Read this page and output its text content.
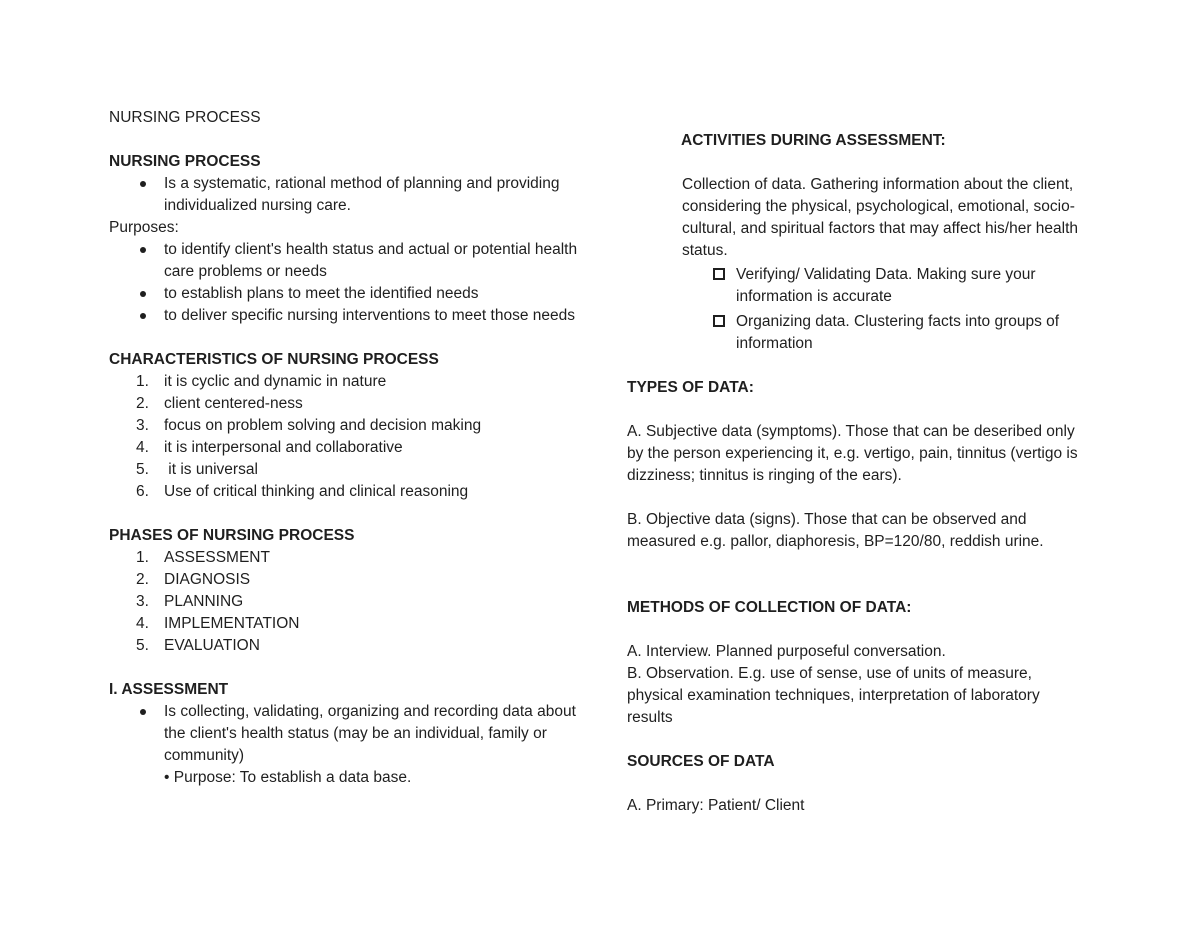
NURSING PROCESS
NURSING PROCESS
Is a systematic, rational method of planning and providing individualized nursing care.
Purposes:
to identify client's health status and actual or potential health care problems or needs
to establish plans to meet the identified needs
to deliver specific nursing interventions to meet those needs
CHARACTERISTICS OF NURSING PROCESS
1. it is cyclic and dynamic in nature
2. client centered-ness
3. focus on problem solving and decision making
4. it is interpersonal and collaborative
5. it is universal
6. Use of critical thinking and clinical reasoning
PHASES OF NURSING PROCESS
1. ASSESSMENT
2. DIAGNOSIS
3. PLANNING
4. IMPLEMENTATION
5. EVALUATION
I. ASSESSMENT
Is collecting, validating, organizing and recording data about the client's health status (may be an individual, family or community)
• Purpose: To establish a data base.
ACTIVITIES DURING ASSESSMENT:
Collection of data. Gathering information about the client, considering the physical, psychological, emotional, socio-cultural, and spiritual factors that may affect his/her health status.
Verifying/ Validating Data. Making sure your information is accurate
Organizing data. Clustering facts into groups of information
TYPES OF DATA:
A. Subjective data (symptoms). Those that can be deseribed only by the person experiencing it, e.g. vertigo, pain, tinnitus (vertigo is dizziness; tinnitus is ringing of the ears).
B. Objective data (signs). Those that can be observed and measured e.g. pallor, diaphoresis, BP=120/80, reddish urine.
METHODS OF COLLECTION OF DATA:
A. Interview. Planned purposeful conversation.
B. Observation. E.g. use of sense, use of units of measure, physical examination techniques, interpretation of laboratory results
SOURCES OF DATA
A. Primary: Patient/ Client
